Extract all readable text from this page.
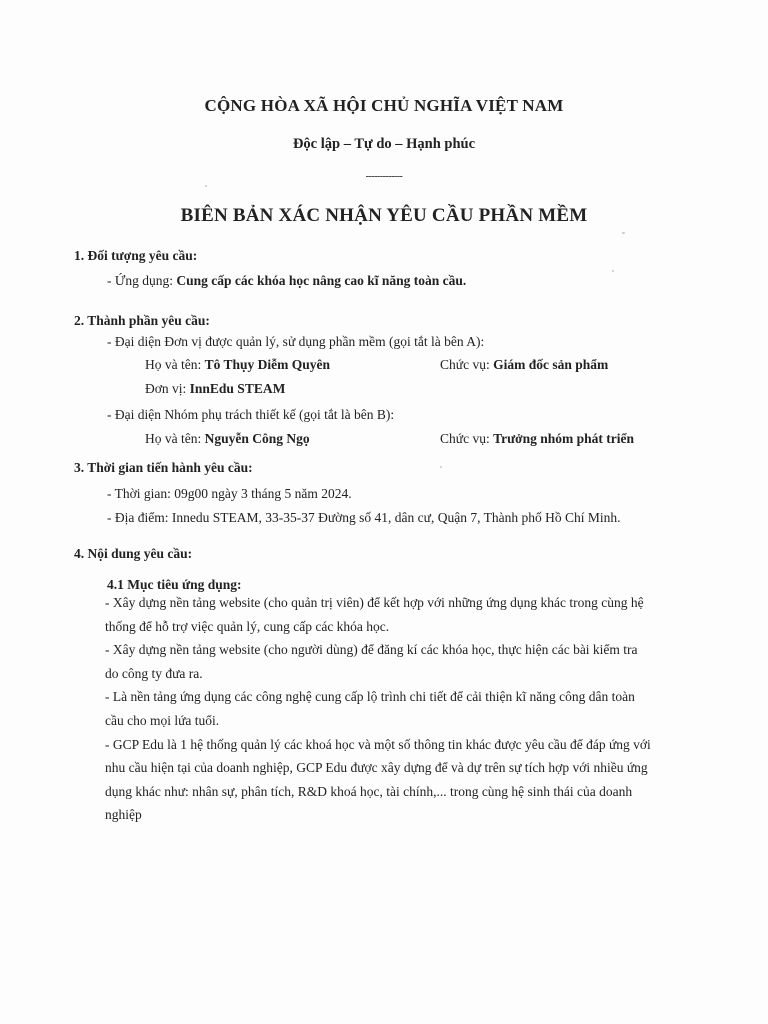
CỘNG HÒA XÃ HỘI CHỦ NGHĨA VIỆT NAM
Độc lập – Tự do – Hạnh phúc
-------------
BIÊN BẢN XÁC NHẬN YÊU CẦU PHẦN MỀM
1. Đối tượng yêu cầu:
- Ứng dụng: Cung cấp các khóa học nâng cao kĩ năng toàn cầu.
2. Thành phần yêu cầu:
- Đại diện Đơn vị được quản lý, sử dụng phần mềm (gọi tắt là bên A):
Họ và tên: Tô Thụy Diễm Quyên	Chức vụ: Giám đốc sản phẩm
Đơn vị: InnEdu STEAM
- Đại diện Nhóm phụ trách thiết kế (gọi tắt là bên B):
Họ và tên: Nguyễn Công Ngọ	Chức vụ: Trưởng nhóm phát triển
3. Thời gian tiến hành yêu cầu:
- Thời gian: 09g00 ngày 3 tháng 5 năm 2024.
- Địa điểm: Innedu STEAM, 33-35-37 Đường số 41, dân cư, Quận 7, Thành phố Hồ Chí Minh.
4. Nội dung yêu cầu:
4.1 Mục tiêu ứng dụng:

- Xây dựng nền tảng website (cho quản trị viên) để kết hợp với những ứng dụng khác trong cùng hệ thống để hỗ trợ việc quản lý, cung cấp các khóa học.

- Xây dựng nền tảng website (cho người dùng) để đăng kí các khóa học, thực hiện các bài kiểm tra do công ty đưa ra.

- Là nền tảng ứng dụng các công nghệ cung cấp lộ trình chi tiết để cải thiện kĩ năng công dân toàn cầu cho mọi lứa tuổi.

- GCP Edu là 1 hệ thống quản lý các khoá học và một số thông tin khác được yêu cầu để đáp ứng với nhu cầu hiện tại của doanh nghiệp, GCP Edu được xây dựng để và dự trên sự tích hợp với nhiều ứng dụng khác như: nhân sự, phân tích, R&D khoá học, tài chính,... trong cùng hệ sinh thái của doanh nghiệp
